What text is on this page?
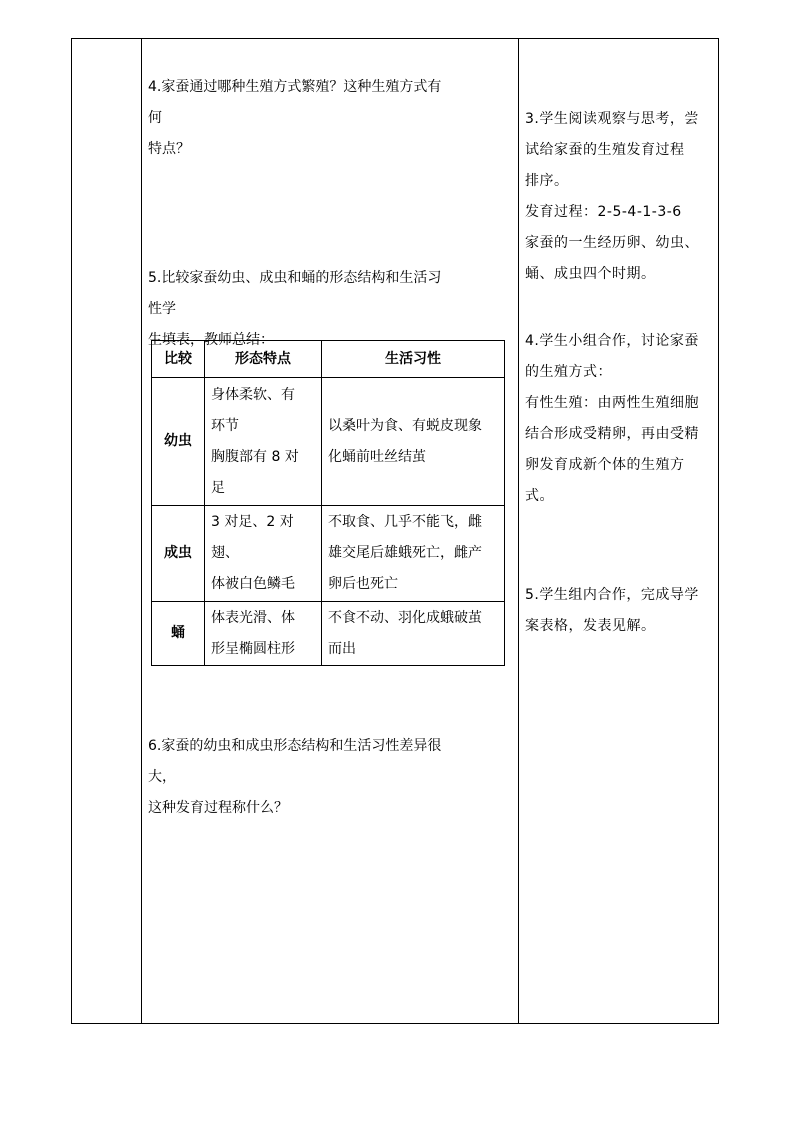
4.家蚕通过哪种生殖方式繁殖？这种生殖方式有何
特点？
5.比较家蚕幼虫、成虫和蛹的形态结构和生活习性学
生填表，教师总结：
比较	形态特点	生活习性
幼虫	身体柔软、有
环节
胸腹部有 8 对
足	以桑叶为食、有蜕皮现象
化蛹前吐丝结茧

成虫	3 对足、2 对翅、
体被白色鳞毛	不取食、几乎不能飞，雌
雄交尾后雄蛾死亡，雌产
卵后也死亡

蛹	体表光滑、体
形呈椭圆柱形	不食不动、羽化成蛾破茧
而出
6.家蚕的幼虫和成虫形态结构和生活习性差异很大，
这种发育过程称什么？
3.学生阅读观察与思考，尝
试给家蚕的生殖发育过程
排序。
发育过程：2-5-4-1-3-6
家蚕的一生经历卵、幼虫、
蛹、成虫四个时期。
4.学生小组合作，讨论家蚕
的生殖方式：
有性生殖：由两性生殖细胞
结合形成受精卵，再由受精
卵发育成新个体的生殖方
式。
5.学生组内合作，完成导学
案表格，发表见解。
